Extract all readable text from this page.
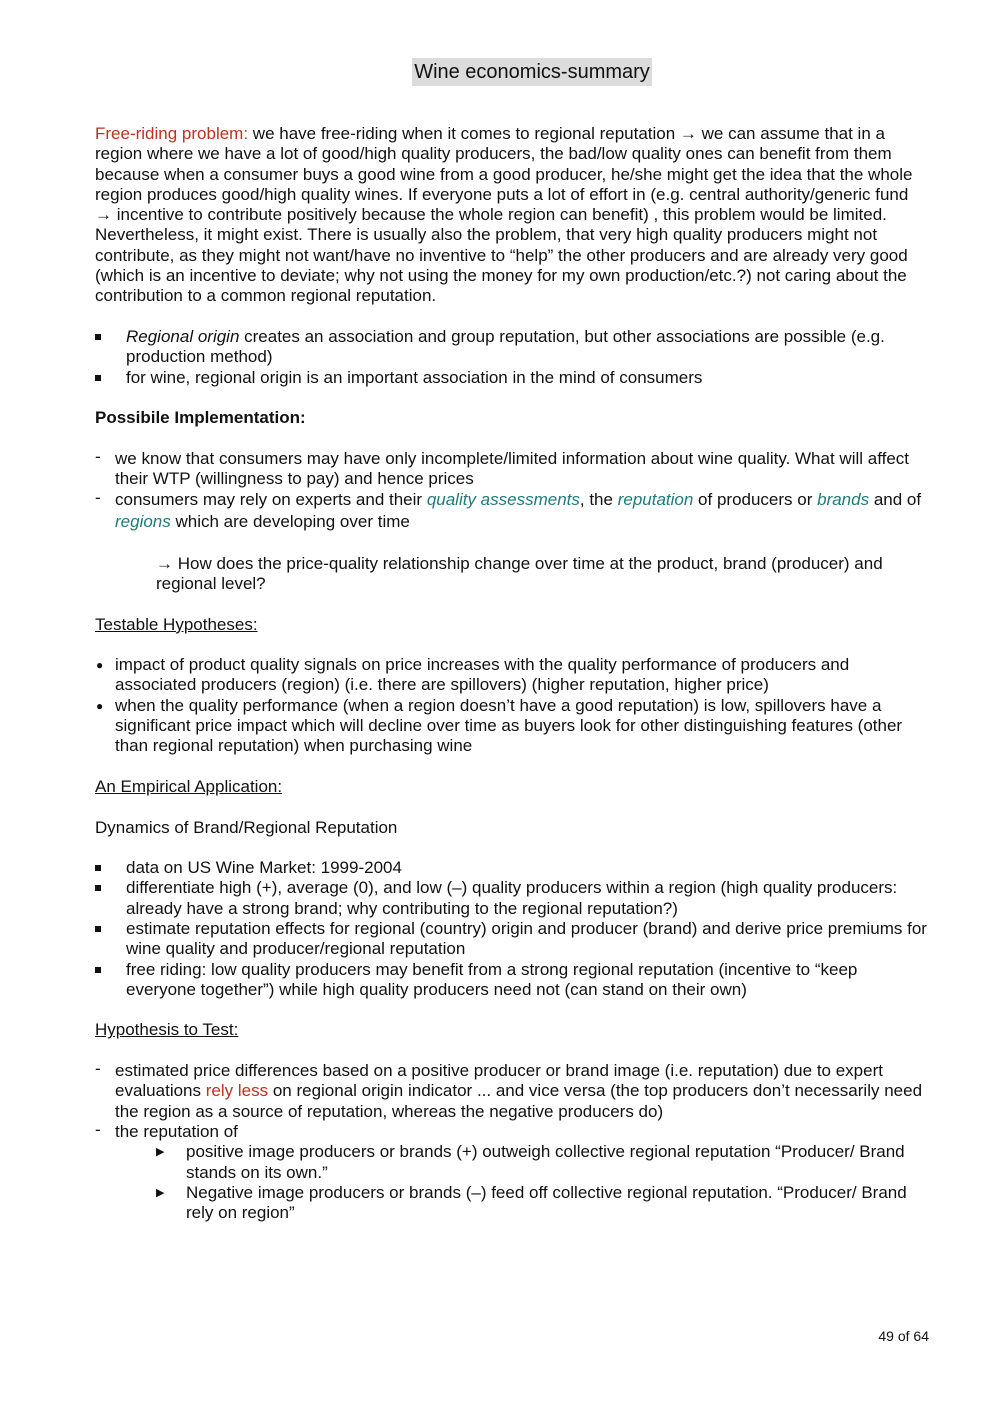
Wine economics-summary

Free-riding problem: we have free-riding when it comes to regional reputation → we can assume that in a region where we have a lot of good/high quality producers, the bad/low quality ones can benefit from them because when a consumer buys a good wine from a good producer, he/she might get the idea that the whole region produces good/high quality wines. If everyone puts a lot of effort in (e.g. central authority/generic fund → incentive to contribute positively because the whole region can benefit) , this problem would be limited. Nevertheless, it might exist. There is usually also the problem, that very high quality producers might not contribute, as they might not want/have no inventive to “help” the other producers and are already very good (which is an incentive to deviate; why not using the money for my own production/etc.?) not caring about the contribution to a common regional reputation.

Regional origin creates an association and group reputation, but other associations are possible (e.g. production method)
for wine, regional origin is an important association in the mind of consumers

Possibile Implementation:

- we know that consumers may have only incomplete/limited information about wine quality. What will affect their WTP (willingness to pay) and hence prices
- consumers may rely on experts and their quality assessments, the reputation of producers or brands and of regions which are developing over time

→ How does the price-quality relationship change over time at the product, brand (producer) and regional level?

Testable Hypotheses:

● impact of product quality signals on price increases with the quality performance of producers and associated producers (region) (i.e. there are spillovers) (higher reputation, higher price)
● when the quality performance (when a region doesn’t have a good reputation) is low, spillovers have a significant price impact which will decline over time as buyers look for other distinguishing features (other than regional reputation) when purchasing wine

An Empirical Application:

Dynamics of Brand/Regional Reputation

data on US Wine Market: 1999-2004
differentiate high (+), average (0), and low (–) quality producers within a region (high quality producers: already have a strong brand; why contributing to the regional reputation?)
estimate reputation effects for regional (country) origin and producer (brand) and derive price premiums for wine quality and producer/regional reputation
free riding: low quality producers may benefit from a strong regional reputation (incentive to “keep everyone together”) while high quality producers need not (can stand on their own)

Hypothesis to Test:

- estimated price differences based on a positive producer or brand image (i.e. reputation) due to expert evaluations rely less on regional origin indicator ... and vice versa (the top producers don’t necessarily need the region as a source of reputation, whereas the negative producers do)
- the reputation of
▶ positive image producers or brands (+) outweigh collective regional reputation “Producer/ Brand stands on its own.”
▶ Negative image producers or brands (–) feed off collective regional reputation. “Producer/ Brand rely on region”
49 of 64
